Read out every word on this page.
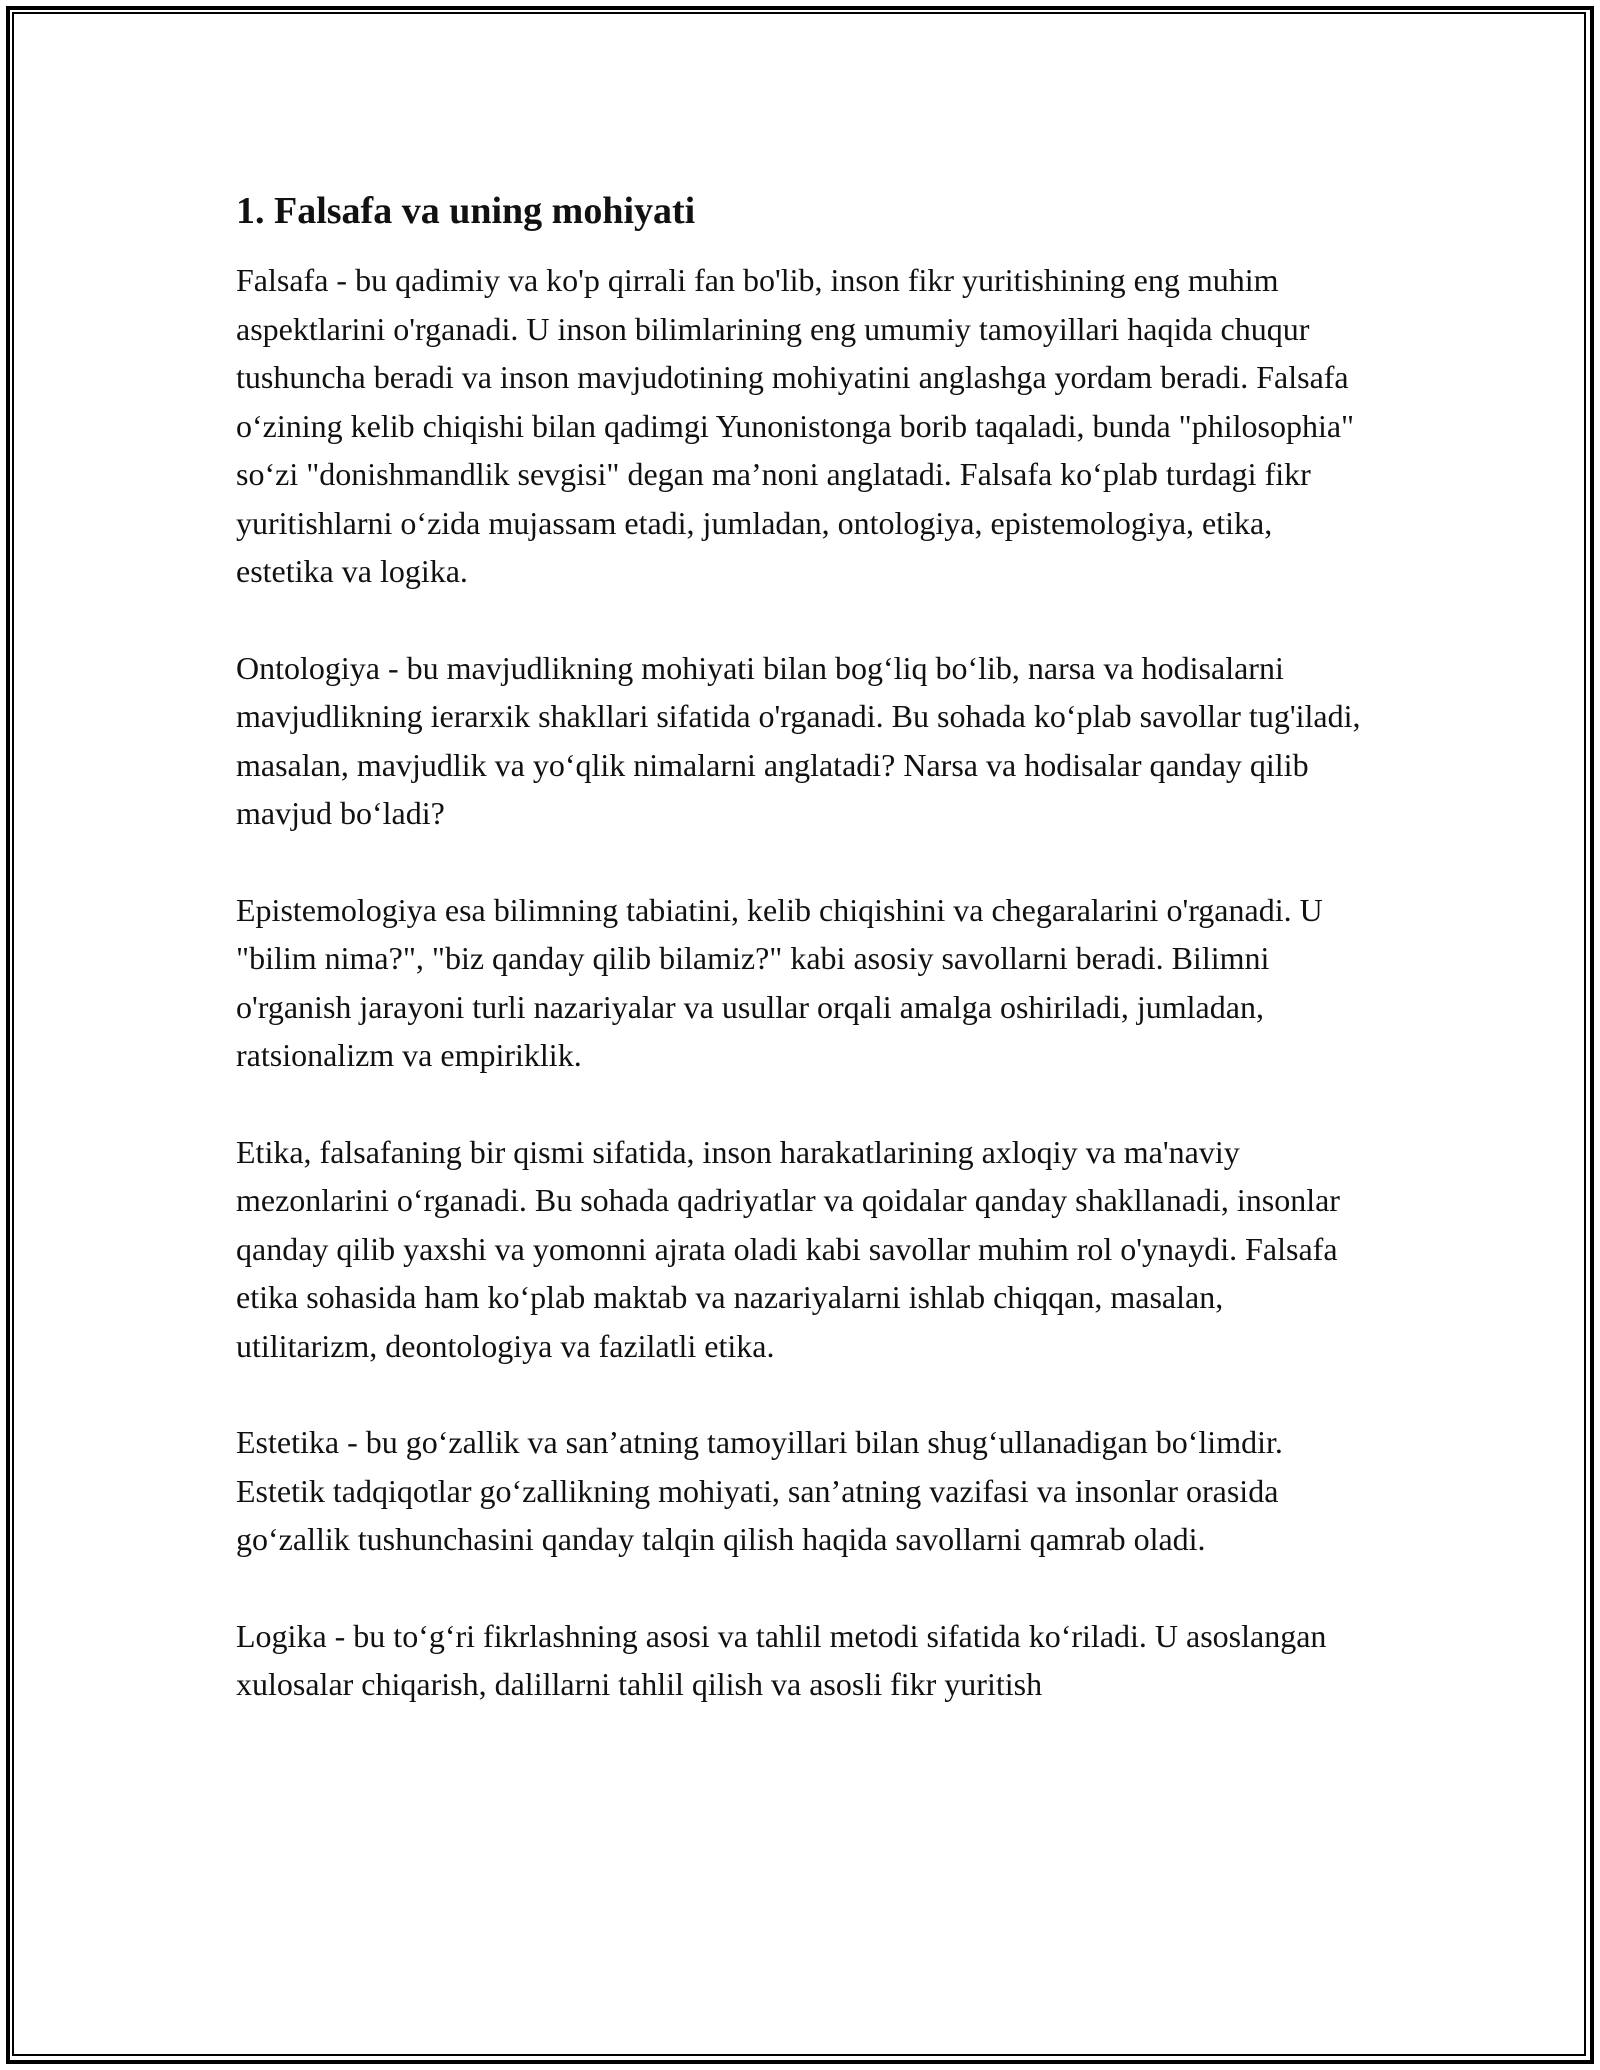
1. Falsafa va uning mohiyati

Falsafa - bu qadimiy va ko'p qirrali fan bo'lib, inson fikr yuritishining eng muhim aspektlarini o'rganadi. U inson bilimlarining eng umumiy tamoyillari haqida chuqur tushuncha beradi va inson mavjudotining mohiyatini anglashga yordam beradi. Falsafa o‘zining kelib chiqishi bilan qadimgi Yunonistonga borib taqaladi, bunda "philosophia" so‘zi "donishmandlik sevgisi" degan ma’noni anglatadi. Falsafa ko‘plab turdagi fikr yuritishlarni o‘zida mujassam etadi, jumladan, ontologiya, epistemologiya, etika, estetika va logika.

Ontologiya - bu mavjudlikning mohiyati bilan bog‘liq bo‘lib, narsa va hodisalarni mavjudlikning ierarxik shakllari sifatida o'rganadi. Bu sohada ko‘plab savollar tug'iladi, masalan, mavjudlik va yo‘qlik nimalarni anglatadi? Narsa va hodisalar qanday qilib mavjud bo‘ladi?

Epistemologiya esa bilimning tabiatini, kelib chiqishini va chegaralarini o'rganadi. U "bilim nima?", "biz qanday qilib bilamiz?" kabi asosiy savollarni beradi. Bilimni o'rganish jarayoni turli nazariyalar va usullar orqali amalga oshiriladi, jumladan, ratsionalizm va empiriklik.

Etika, falsafaning bir qismi sifatida, inson harakatlarining axloqiy va ma'naviy mezonlarini o‘rganadi. Bu sohada qadriyatlar va qoidalar qanday shakllanadi, insonlar qanday qilib yaxshi va yomonni ajrata oladi kabi savollar muhim rol o'ynaydi. Falsafa etika sohasida ham ko‘plab maktab va nazariyalarni ishlab chiqqan, masalan, utilitarizm, deontologiya va fazilatli etika.

Estetika - bu go‘zallik va san’atning tamoyillari bilan shug‘ullanadigan bo‘limdir. Estetik tadqiqotlar go‘zallikning mohiyati, san’atning vazifasi va insonlar orasida go‘zallik tushunchasini qanday talqin qilish haqida savollarni qamrab oladi.

Logika - bu to‘g‘ri fikrlashning asosi va tahlil metodi sifatida ko‘riladi. U asoslangan xulosalar chiqarish, dalillarni tahlil qilish va asosli fikr yuritish
